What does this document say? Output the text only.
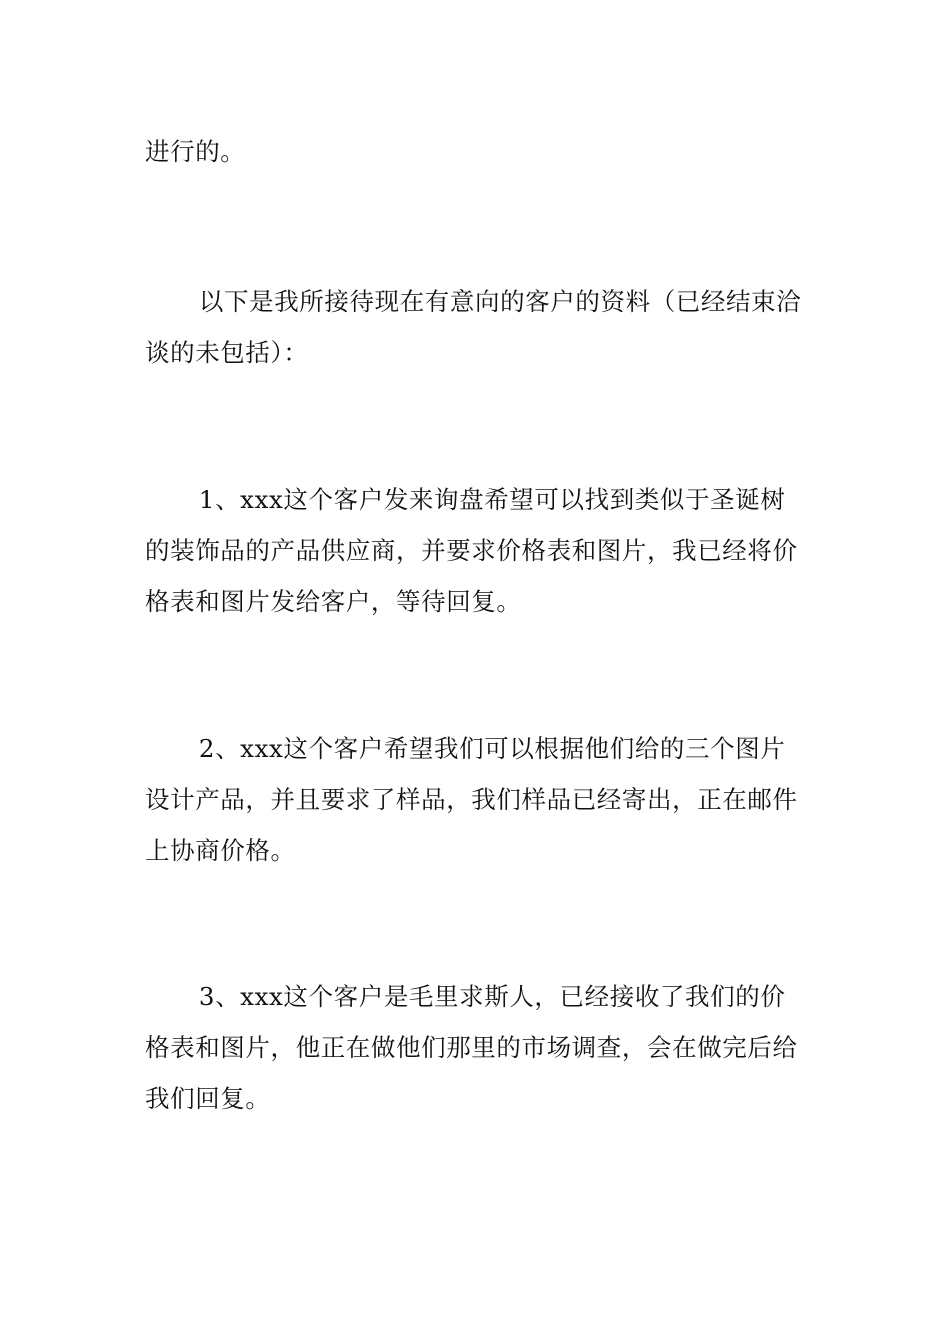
进行的。

以下是我所接待现在有意向的客户的资料（已经结束洽谈的未包括）：

1、xxx这个客户发来询盘希望可以找到类似于圣诞树的装饰品的产品供应商，并要求价格表和图片，我已经将价格表和图片发给客户，等待回复。

2、xxx这个客户希望我们可以根据他们给的三个图片设计产品，并且要求了样品，我们样品已经寄出，正在邮件上协商价格。

3、xxx这个客户是毛里求斯人，已经接收了我们的价格表和图片，他正在做他们那里的市场调查，会在做完后给我们回复。
